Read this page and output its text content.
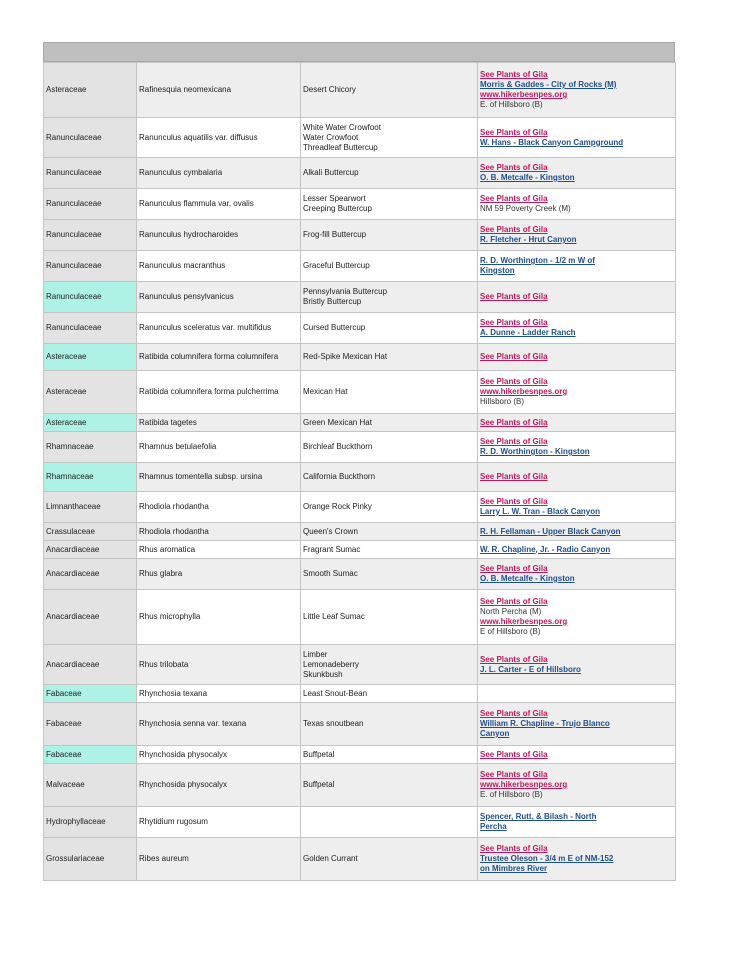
Asteraceae	Rafinesquia neomexicana	Desert Chicory	See Plants of Gila
Morris & Gaddes - City of Rocks (M)
www.hikerbesnpes.org
E. of Hillsboro (B)

Ranunculaceae	Ranunculus aquatilis var. diffusus	White Water Crowfoot
Water Crowfoot
Threadleaf Buttercup	See Plants of Gila
W. Hans - Black Canyon Campground

Ranunculaceae	Ranunculus cymbalaria	Alkali Buttercup	See Plants of Gila
O. B. Metcalfe - Kingston

Ranunculaceae	Ranunculus flammula var. ovalis	Lesser Spearwort
Creeping Buttercup	See Plants of Gila
NM 59 Poverty Creek (M)

Ranunculaceae	Ranunculus hydrocharoides	Frog-fill Buttercup	See Plants of Gila
R. Fletcher - Hrut Canyon

Ranunculaceae	Ranunculus macranthus	Graceful Buttercup	R. D. Worthington - 1/2 m W of
Kingston

Ranunculaceae	Ranunculus pensylvanicus	Pennsylvania Buttercup
Bristly Buttercup	See Plants of Gila

Ranunculaceae	Ranunculus sceleratus var. multifidus	Cursed Buttercup	See Plants of Gila
A. Dunne - Ladder Ranch

Asteraceae	Ratibida columnifera forma columnifera	Red-Spike Mexican Hat	See Plants of Gila

Asteraceae	Ratibida columnifera forma pulcherrima	Mexican Hat	See Plants of Gila
www.hikerbesnpes.org
Hillsboro (B)

Asteraceae	Ratibida tagetes	Green Mexican Hat	See Plants of Gila

Rhamnaceae	Rhamnus betulaefolia	Birchleaf Buckthorn	See Plants of Gila
R. D. Worthington - Kingston

Rhamnaceae	Rhamnus tomentella subsp. ursina	California Buckthorn	See Plants of Gila

Limnanthaceae	Rhodiola rhodantha	Orange Rock Pinky	See Plants of Gila
Larry L. W. Tran - Black Canyon

Crassulaceae	Rhodiola rhodantha	Queen's Crown	R. H. Fellaman - Upper Black Canyon

Anacardiaceae	Rhus aromatica	Fragrant Sumac	W. R. Chapline, Jr. - Radio Canyon

Anacardiaceae	Rhus glabra	Smooth Sumac	See Plants of Gila
O. B. Metcalfe - Kingston

Anacardiaceae	Rhus microphylla	Little Leaf Sumac	See Plants of Gila
North Percha (M)
www.hikerbesnpes.org
E of Hillsboro (B)

Anacardiaceae	Rhus trilobata	Limber
Lemonadeberry
Skunkbush	See Plants of Gila
J. L. Carter - E of Hillsboro

Fabaceae	Rhynchosia texana	Least Snout-Bean	

Fabaceae	Rhynchosia senna var. texana	Texas snoutbean	See Plants of Gila
William R. Chapline - Trujo Blanco
Canyon

Fabaceae	Rhynchosida physocalyx	Buffpetal	See Plants of Gila

Malvaceae	Rhynchosida physocalyx	Buffpetal	See Plants of Gila
www.hikerbesnpes.org
E. of Hillsboro (B)

Hydrophyllaceae	Rhytidium rugosum		Spencer, Rutt, & Bilash - North
Percha

Grossulariaceae	Ribes aureum	Golden Currant	See Plants of Gila
Trustee Oleson - 3/4 m E of NM-152
on Mimbres River
